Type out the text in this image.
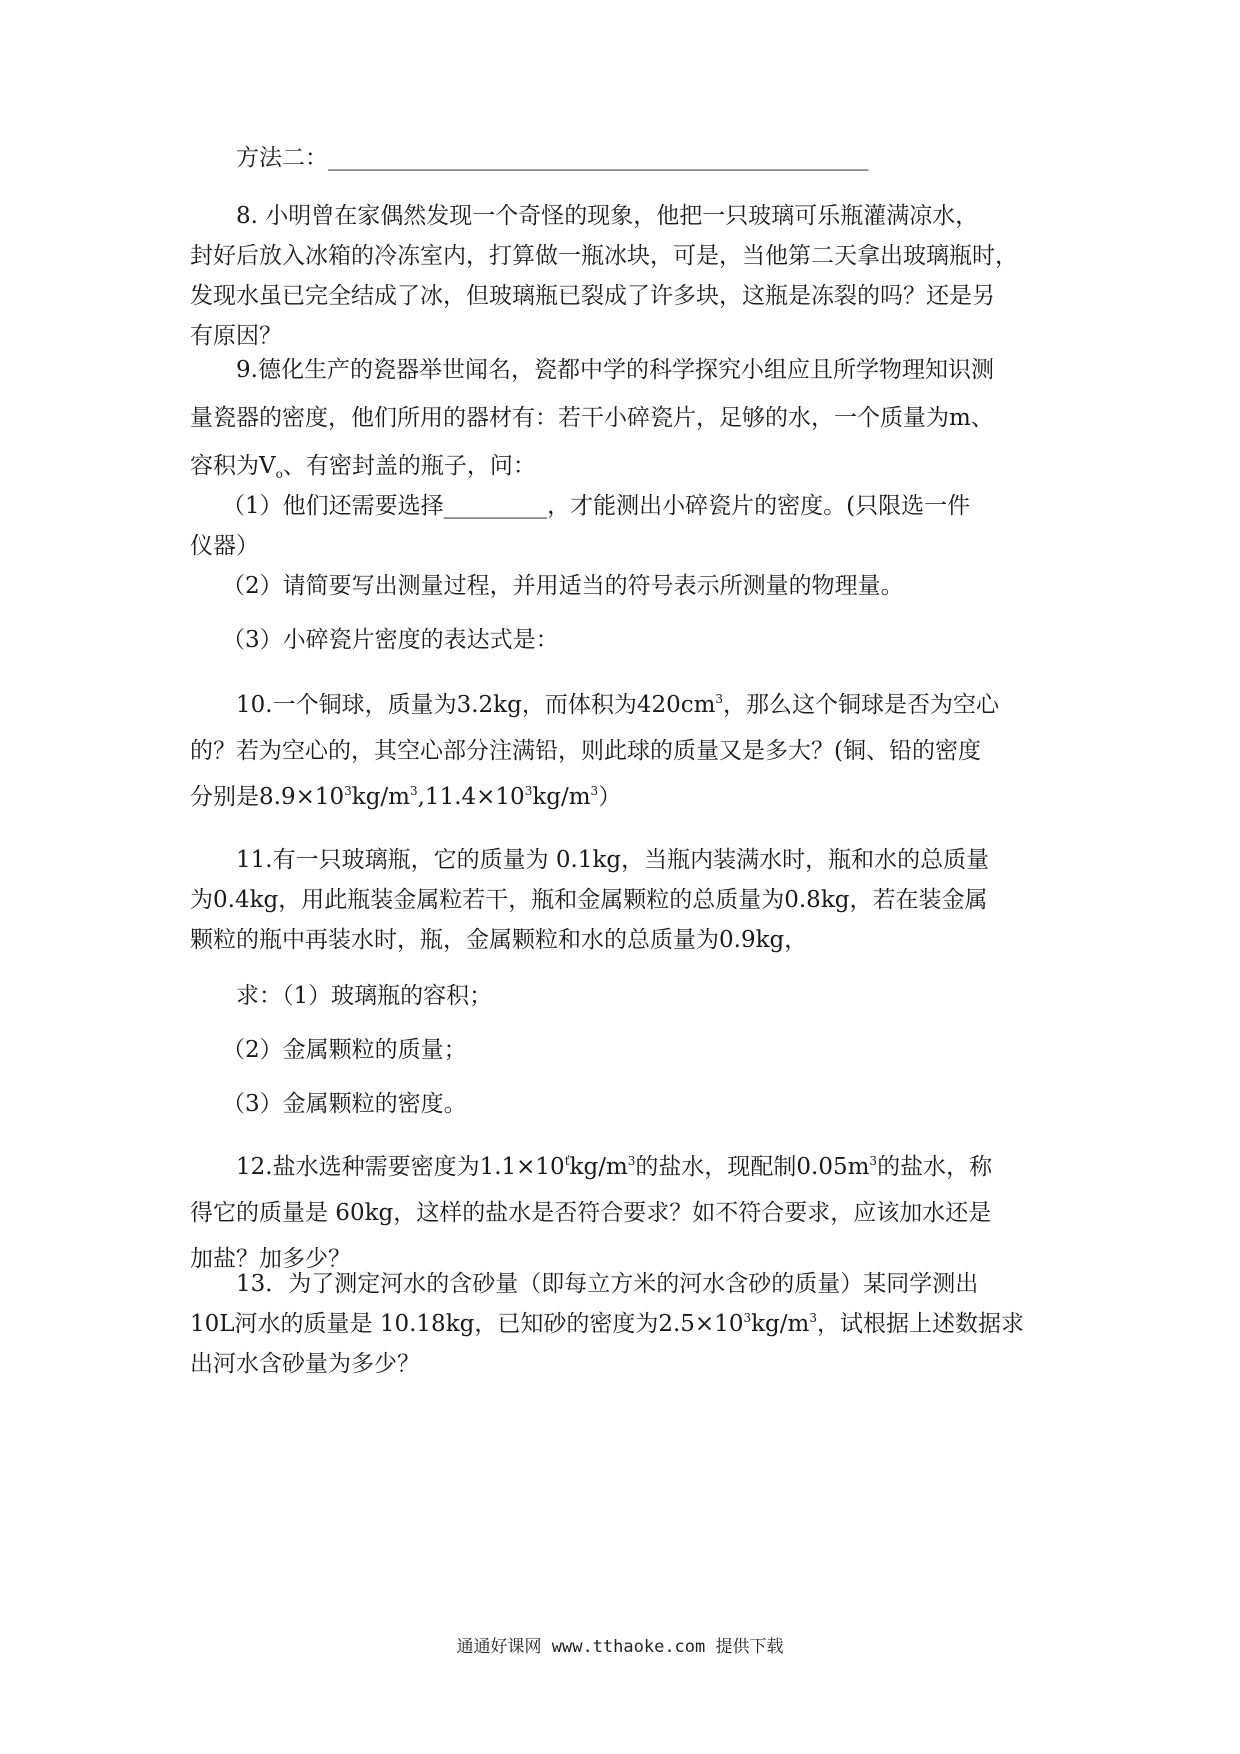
方法二：_______________________________________________
8. 小明曾在家偶然发现一个奇怪的现象，他把一只玻璃可乐瓶灌满凉水，
封好后放入冰箱的冷冻室内，打算做一瓶冰块，可是，当他第二天拿出玻璃瓶时，
发现水虽已完全结成了冰，但玻璃瓶已裂成了许多块，这瓶是冻裂的吗？还是另
有原因？
9.德化生产的瓷器举世闻名，瓷都中学的科学探究小组应且所学物理知识测
量瓷器的密度，他们所用的器材有：若干小碎瓷片，足够的水，一个质量为m、
容积为$V_o$、有密封盖的瓶子，问：
（1）他们还需要选择_________，才能测出小碎瓷片的密度。(只限选一件
仪器）
（2）请简要写出测量过程，并用适当的符号表示所测量的物理量。
（3）小碎瓷片密度的表达式是：
10.一个铜球，质量为3.2kg，而体积为$420cm^3$，那么这个铜球是否为空心
的？若为空心的，其空心部分注满铅，则此球的质量又是多大？(铜、铅的密度
分别是$8.9\times 10^3kg/m^3,11.4\times 10^3kg/m^3$）
11.有一只玻璃瓶，它的质量为 0.1kg，当瓶内装满水时，瓶和水的总质量
为0.4kg，用此瓶装金属粒若干，瓶和金属颗粒的总质量为0.8kg，若在装金属
颗粒的瓶中再装水时，瓶，金属颗粒和水的总质量为0.9kg，
求：（1）玻璃瓶的容积；
（2）金属颗粒的质量；
（3）金属颗粒的密度。
12.盐水选种需要密度为$1.1\times 10^ťkg/m^3$的盐水，现配制$0.05m^3$的盐水，称
得它的质量是 60kg，这样的盐水是否符合要求？如不符合要求，应该加水还是
加盐？加多少？
13．为了测定河水的含砂量（即每立方米的河水含砂的质量）某同学测出
10L河水的质量是 10.18kg，已知砂的密度为$2.5\times 10^3kg/m^3$，试根据上述数据求
出河水含砂量为多少？
通通好课网 www.tthaoke.com 提供下载
